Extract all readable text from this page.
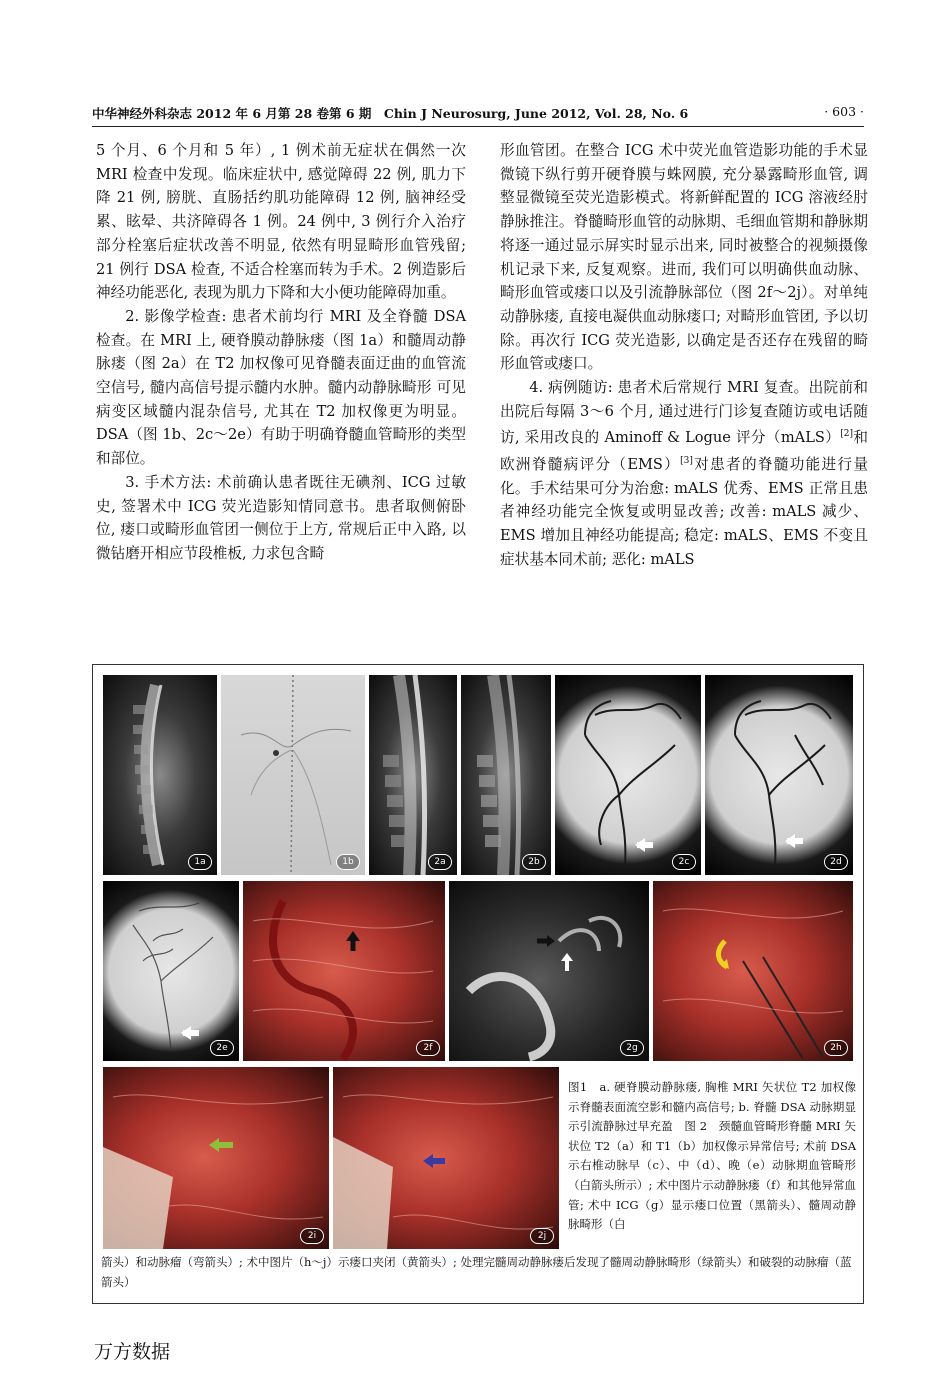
中华神经外科杂志 2012 年 6 月第 28 卷第 6 期　Chin J Neurosurg, June 2012, Vol. 28, No. 6	· 603 ·

5 个月、6 个月和 5 年）, 1 例术前无症状在偶然一次 MRI 检查中发现。临床症状中, 感觉障碍 22 例, 肌力下降 21 例, 膀胱、直肠括约肌功能障碍 12 例, 脑神经受累、眩晕、共济障碍各 1 例。24 例中, 3 例行介入治疗部分栓塞后症状改善不明显, 依然有明显畸形血管残留; 21 例行 DSA 检查, 不适合栓塞而转为手术。2 例造影后神经功能恶化, 表现为肌力下降和大小便功能障碍加重。

2. 影像学检查: 患者术前均行 MRI 及全脊髓 DSA 检查。在 MRI 上, 硬脊膜动静脉瘘（图 1a）和髓周动静脉瘘（图 2a）在 T2 加权像可见脊髓表面迂曲的血管流空信号, 髓内高信号提示髓内水肿。髓内动静脉畸形 可见病变区域髓内混杂信号, 尤其在 T2 加权像更为明显。DSA（图 1b、2c～2e）有助于明确脊髓血管畸形的类型和部位。

3. 手术方法: 术前确认患者既往无碘剂、ICG 过敏史, 签署术中 ICG 荧光造影知情同意书。患者取侧俯卧位, 瘘口或畸形血管团一侧位于上方, 常规后正中入路, 以微钻磨开相应节段椎板, 力求包含畸

形血管团。在整合 ICG 术中荧光血管造影功能的手术显微镜下纵行剪开硬脊膜与蛛网膜, 充分暴露畸形血管, 调整显微镜至荧光造影模式。将新鲜配置的 ICG 溶液经肘静脉推注。脊髓畸形血管的动脉期、毛细血管期和静脉期将逐一通过显示屏实时显示出来, 同时被整合的视频摄像机记录下来, 反复观察。进而, 我们可以明确供血动脉、畸形血管或瘘口以及引流静脉部位（图 2f～2j）。对单纯动静脉瘘, 直接电凝供血动脉瘘口; 对畸形血管团, 予以切除。再次行 ICG 荧光造影, 以确定是否还存在残留的畸形血管或瘘口。

4. 病例随访: 患者术后常规行 MRI 复查。出院前和出院后每隔 3～6 个月, 通过进行门诊复查随访或电话随访, 采用改良的 Aminoff & Logue 评分（mALS）[2]和欧洲脊髓病评分（EMS）[3]对患者的脊髓功能进行量化。手术结果可分为治愈: mALS 优秀、EMS 正常且患者神经功能完全恢复或明显改善; 改善: mALS 减少、EMS 增加且神经功能提高; 稳定: mALS、EMS 不变且症状基本同术前; 恶化: mALS

1a	1b	2a	2b	2c	2d
2e	2f	2g	2h
2i	2j
箭头）和动脉瘤（弯箭头）; 术中图片（h～j）示瘘口夹闭（黄箭头）; 处理完髓周动静脉瘘后发现了髓周动静脉畸形（绿箭头）和破裂的动脉瘤（蓝箭头）
图1　a. 硬脊膜动静脉瘘, 胸椎 MRI 矢状位 T2 加权像示脊髓表面流空影和髓内高信号; b. 脊髓 DSA 动脉期显示引流静脉过早充盈　图 2　颈髓血管畸形脊髓 MRI 矢状位 T2（a）和 T1（b）加权像示异常信号; 术前 DSA 示右椎动脉早（c）、中（d）、晚（e）动脉期血管畸形（白箭头所示）; 术中图片示动静脉瘘（f）和其他异常血管; 术中 ICG（g）显示瘘口位置（黑箭头）、髓周动静脉畸形（白
万方数据
